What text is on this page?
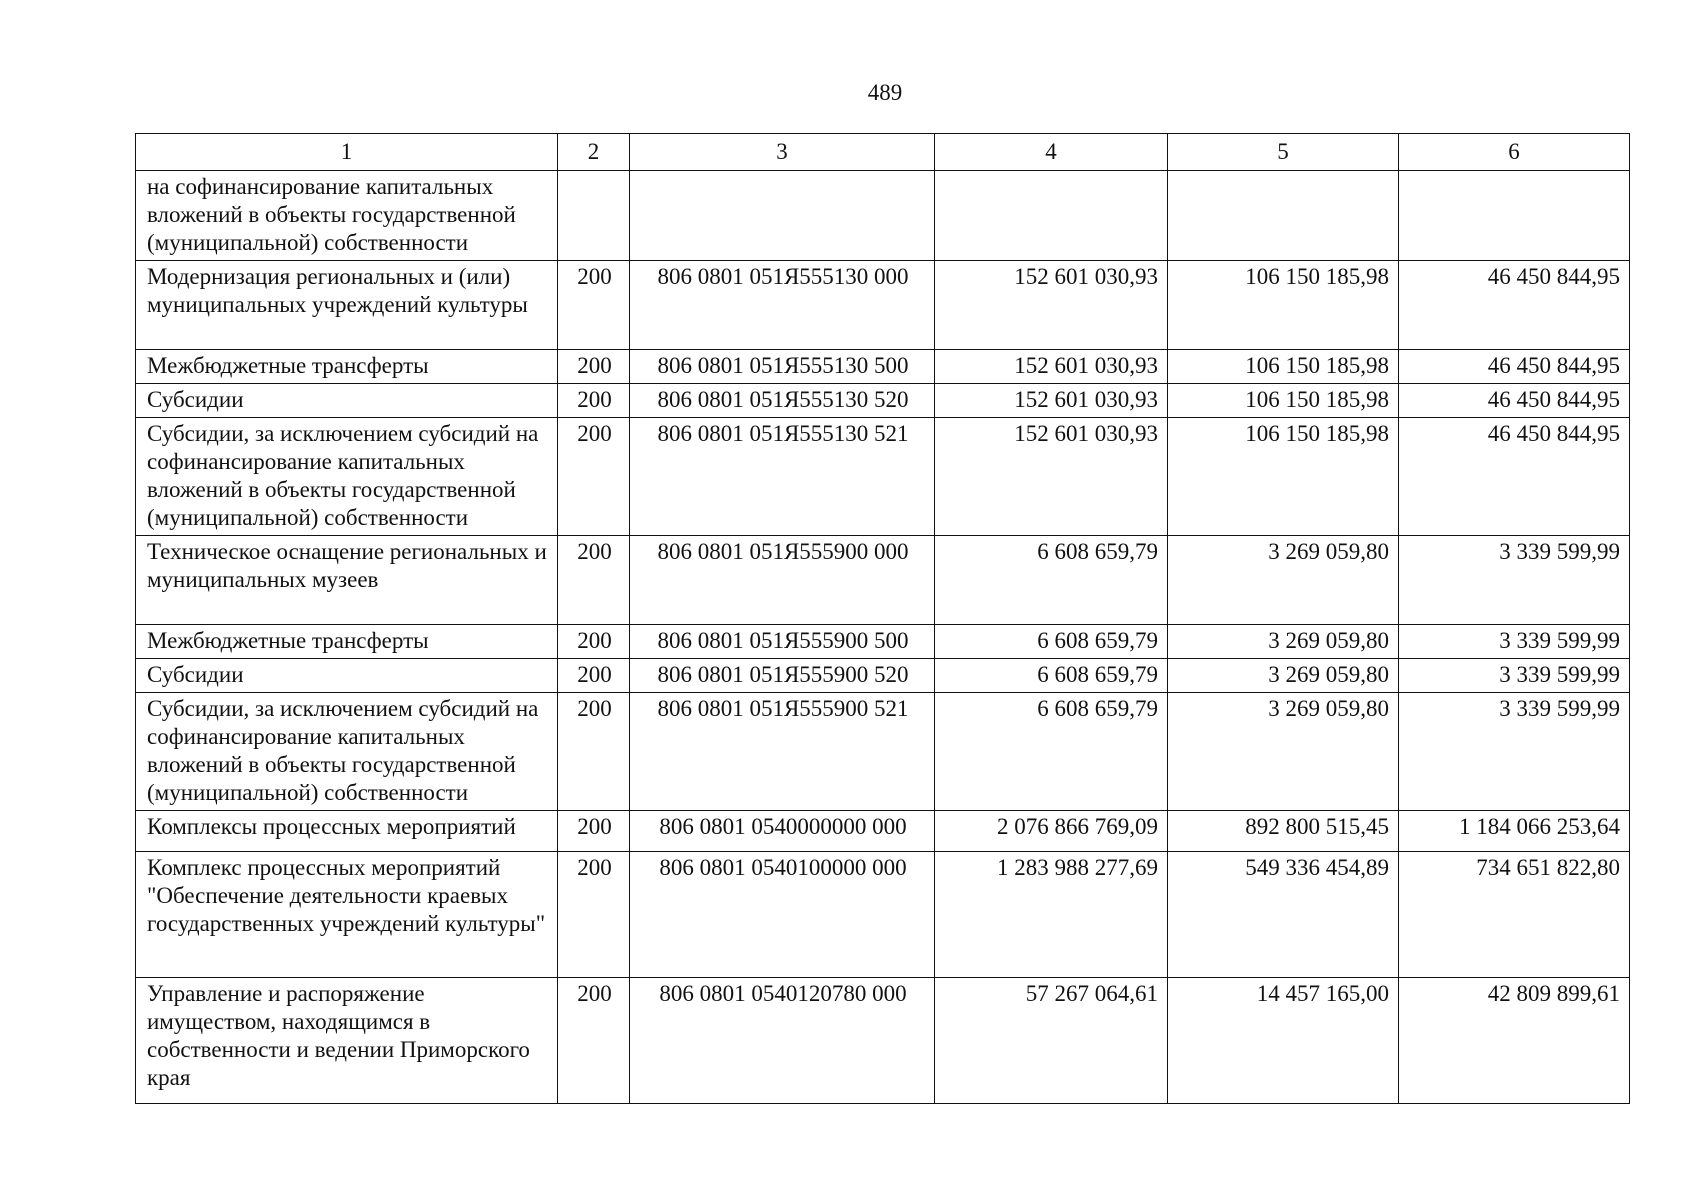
489
1	2	3	4	5	6
на софинансирование капитальных вложений в объекты государственной (муниципальной) собственности					
Модернизация региональных и (или) муниципальных учреждений культуры	200	806 0801 051Я555130 000	152 601 030,93	106 150 185,98	46 450 844,95
Межбюджетные трансферты	200	806 0801 051Я555130 500	152 601 030,93	106 150 185,98	46 450 844,95
Субсидии	200	806 0801 051Я555130 520	152 601 030,93	106 150 185,98	46 450 844,95
Субсидии, за исключением субсидий на софинансирование капитальных вложений в объекты государственной (муниципальной) собственности	200	806 0801 051Я555130 521	152 601 030,93	106 150 185,98	46 450 844,95
Техническое оснащение региональных и муниципальных музеев	200	806 0801 051Я555900 000	6 608 659,79	3 269 059,80	3 339 599,99
Межбюджетные трансферты	200	806 0801 051Я555900 500	6 608 659,79	3 269 059,80	3 339 599,99
Субсидии	200	806 0801 051Я555900 520	6 608 659,79	3 269 059,80	3 339 599,99
Субсидии, за исключением субсидий на софинансирование капитальных вложений в объекты государственной (муниципальной) собственности	200	806 0801 051Я555900 521	6 608 659,79	3 269 059,80	3 339 599,99
Комплексы процессных мероприятий	200	806 0801 0540000000 000	2 076 866 769,09	892 800 515,45	1 184 066 253,64
Комплекс процессных мероприятий "Обеспечение деятельности краевых государственных учреждений культуры"	200	806 0801 0540100000 000	1 283 988 277,69	549 336 454,89	734 651 822,80
Управление и распоряжение имуществом, находящимся в собственности и ведении Приморского края	200	806 0801 0540120780 000	57 267 064,61	14 457 165,00	42 809 899,61
